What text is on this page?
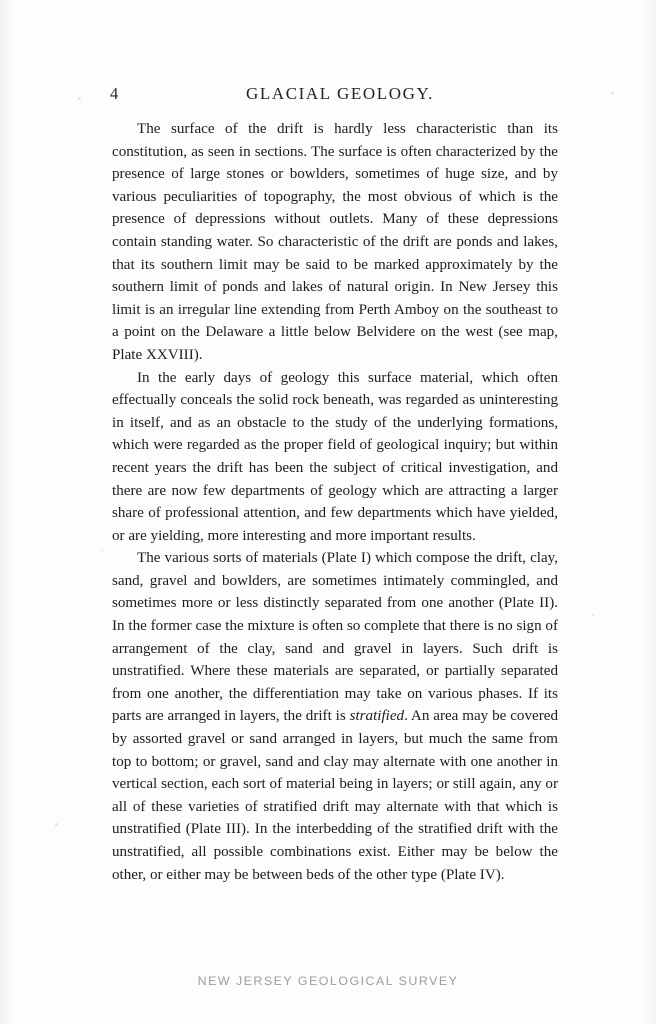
4	GLACIAL GEOLOGY.

The surface of the drift is hardly less characteristic than its constitution, as seen in sections. The surface is often characterized by the presence of large stones or bowlders, sometimes of huge size, and by various peculiarities of topography, the most obvious of which is the presence of depressions without outlets. Many of these depressions contain standing water. So characteristic of the drift are ponds and lakes, that its southern limit may be said to be marked approximately by the southern limit of ponds and lakes of natural origin. In New Jersey this limit is an irregular line extending from Perth Amboy on the southeast to a point on the Delaware a little below Belvidere on the west (see map, Plate XXVIII).

In the early days of geology this surface material, which often effectually conceals the solid rock beneath, was regarded as uninteresting in itself, and as an obstacle to the study of the underlying formations, which were regarded as the proper field of geological inquiry; but within recent years the drift has been the subject of critical investigation, and there are now few departments of geology which are attracting a larger share of professional attention, and few departments which have yielded, or are yielding, more interesting and more important results.

The various sorts of materials (Plate I) which compose the drift, clay, sand, gravel and bowlders, are sometimes intimately commingled, and sometimes more or less distinctly separated from one another (Plate II). In the former case the mixture is often so complete that there is no sign of arrangement of the clay, sand and gravel in layers. Such drift is unstratified. Where these materials are separated, or partially separated from one another, the differentiation may take on various phases. If its parts are arranged in layers, the drift is stratified. An area may be covered by assorted gravel or sand arranged in layers, but much the same from top to bottom; or gravel, sand and clay may alternate with one another in vertical section, each sort of material being in layers; or still again, any or all of these varieties of stratified drift may alternate with that which is unstratified (Plate III). In the interbedding of the stratified drift with the unstratified, all possible combinations exist. Either may be below the other, or either may be between beds of the other type (Plate IV).

NEW JERSEY GEOLOGICAL SURVEY
